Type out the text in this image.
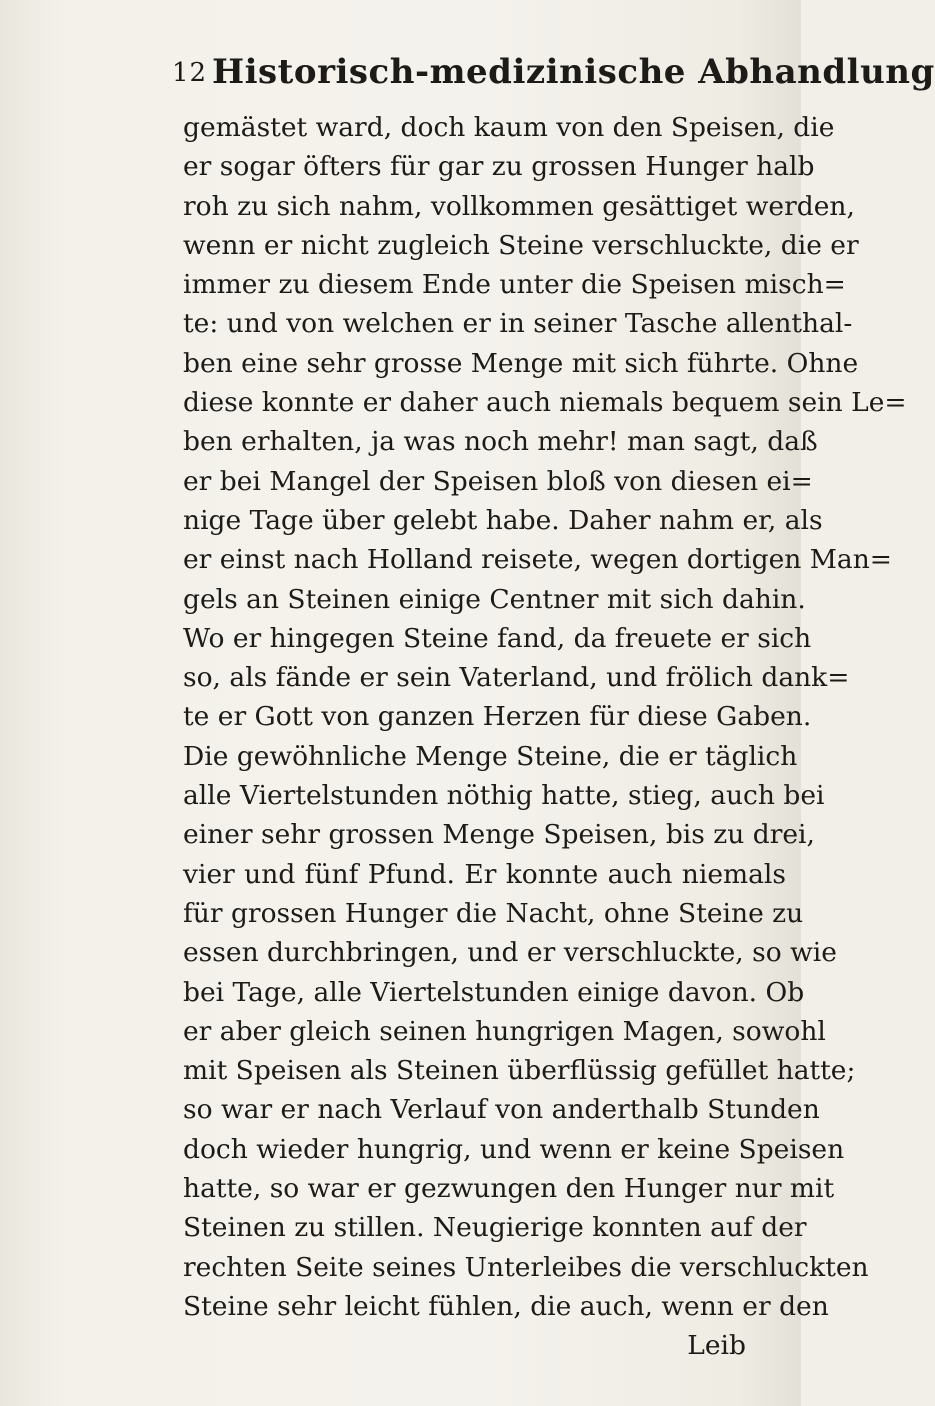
12 Historisch-medizinische Abhandlung
gemästet ward, doch kaum von den Speisen, die
er sogar öfters für gar zu grossen Hunger halb
roh zu sich nahm, vollkommen gesättiget werden,
wenn er nicht zugleich Steine verschluckte, die er
immer zu diesem Ende unter die Speisen misch=
te: und von welchen er in seiner Tasche allenthal-
ben eine sehr grosse Menge mit sich führte. Ohne
diese konnte er daher auch niemals bequem sein Le=
ben erhalten, ja was noch mehr! man sagt, daß
er bei Mangel der Speisen bloß von diesen ei=
nige Tage über gelebt habe. Daher nahm er, als
er einst nach Holland reisete, wegen dortigen Man=
gels an Steinen einige Centner mit sich dahin.
Wo er hingegen Steine fand, da freuete er sich
so, als fände er sein Vaterland, und frölich dank=
te er Gott von ganzen Herzen für diese Gaben.
Die gewöhnliche Menge Steine, die er täglich
alle Viertelstunden nöthig hatte, stieg, auch bei
einer sehr grossen Menge Speisen, bis zu drei,
vier und fünf Pfund. Er konnte auch niemals
für grossen Hunger die Nacht, ohne Steine zu
essen durchbringen, und er verschluckte, so wie
bei Tage, alle Viertelstunden einige davon. Ob
er aber gleich seinen hungrigen Magen, sowohl
mit Speisen als Steinen überflüssig gefüllet hatte;
so war er nach Verlauf von anderthalb Stunden
doch wieder hungrig, und wenn er keine Speisen
hatte, so war er gezwungen den Hunger nur mit
Steinen zu stillen. Neugierige konnten auf der
rechten Seite seines Unterleibes die verschluckten
Steine sehr leicht fühlen, die auch, wenn er den
Leib
